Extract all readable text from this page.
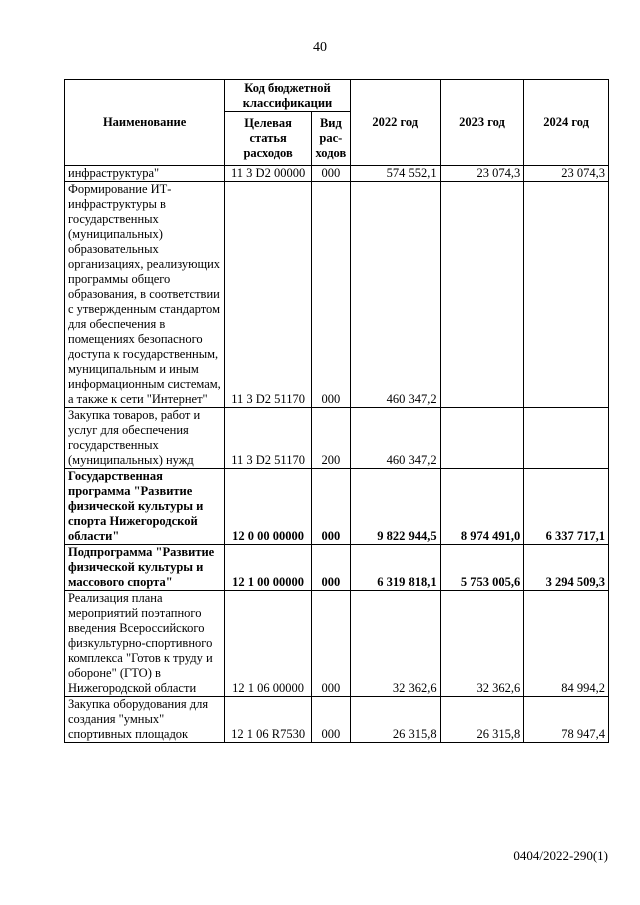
40
Наименование	Код бюджетной классификации		2022 год	2023 год	2024 год
	Целевая статья расходов	Вид рас-ходов			
инфраструктура"	11 3 D2 00000	000	574 552,1	23 074,3	23 074,3
Формирование ИТ-инфраструктуры в государственных (муниципальных) образовательных организациях, реализующих программы общего образования, в соответствии с утвержденным стандартом для обеспечения в помещениях безопасного доступа к государственным, муниципальным и иным информационным системам, а также к сети "Интернет"	11 3 D2 51170	000	460 347,2		
Закупка товаров, работ и услуг для обеспечения государственных (муниципальных) нужд	11 3 D2 51170	200	460 347,2		
Государственная программа "Развитие физической культуры и спорта Нижегородской области"	12 0 00 00000	000	9 822 944,5	8 974 491,0	6 337 717,1
Подпрограмма "Развитие физической культуры и массового спорта"	12 1 00 00000	000	6 319 818,1	5 753 005,6	3 294 509,3
Реализация плана мероприятий поэтапного введения Всероссийского физкультурно-спортивного комплекса "Готов к труду и обороне" (ГТО) в Нижегородской области	12 1 06 00000	000	32 362,6	32 362,6	84 994,2
Закупка оборудования для создания "умных" спортивных площадок	12 1 06 R7530	000	26 315,8	26 315,8	78 947,4
0404/2022-290(1)
